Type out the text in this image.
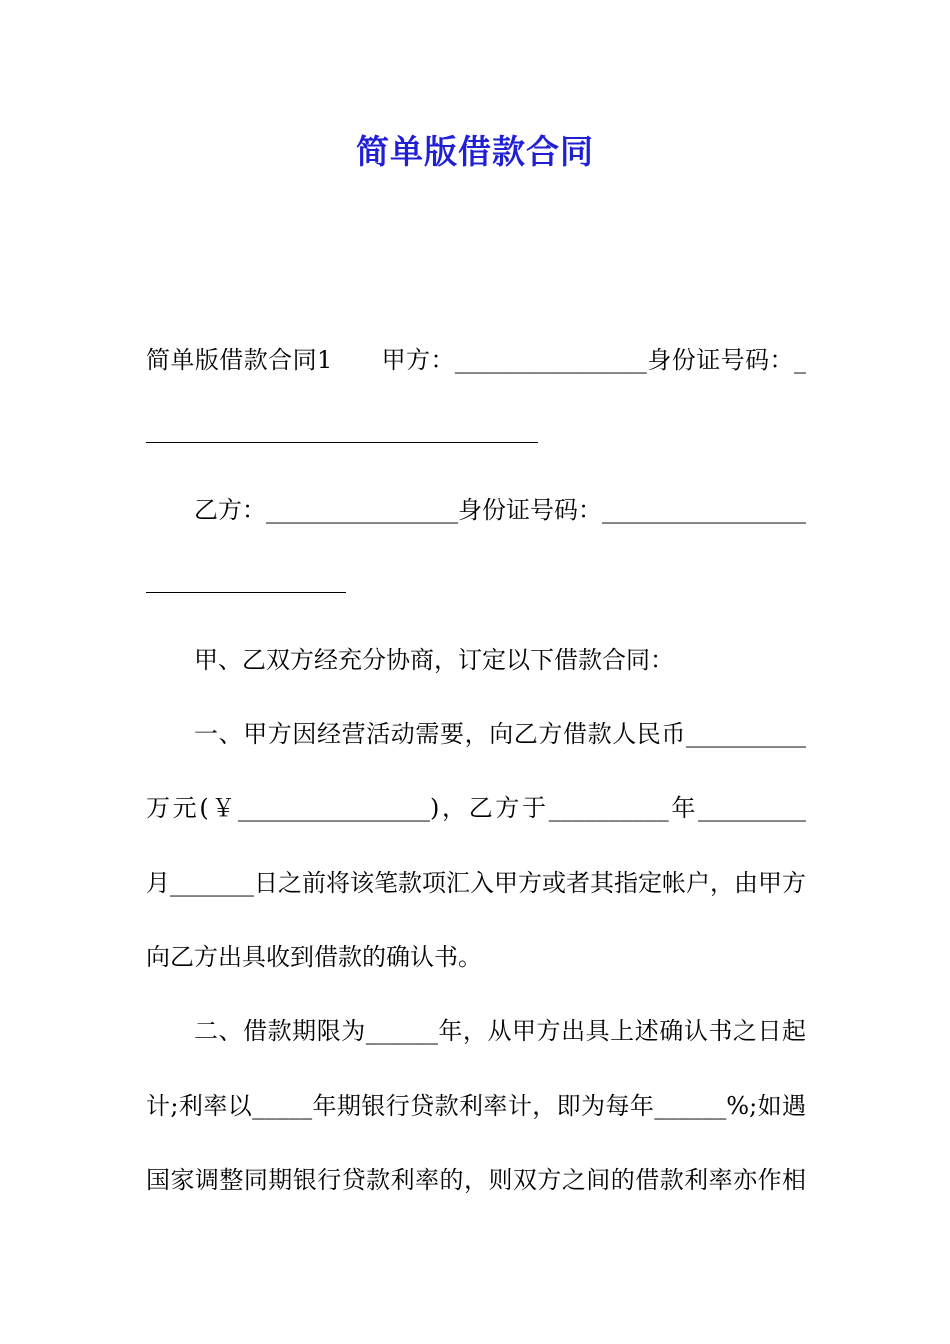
简单版借款合同
简单版借款合同1　　甲方：________________身份证号码：_
乙方：________________身份证号码：_________________
甲、乙双方经充分协商，订定以下借款合同：
一、甲方因经营活动需要，向乙方借款人民币__________
万元(￥________________)，乙方于__________年_________
月_______日之前将该笔款项汇入甲方或者其指定帐户，由甲方
向乙方出具收到借款的确认书。
二、借款期限为______年，从甲方出具上述确认书之日起
计;利率以_____年期银行贷款利率计，即为每年______%;如遇
国家调整同期银行贷款利率的，则双方之间的借款利率亦作相
